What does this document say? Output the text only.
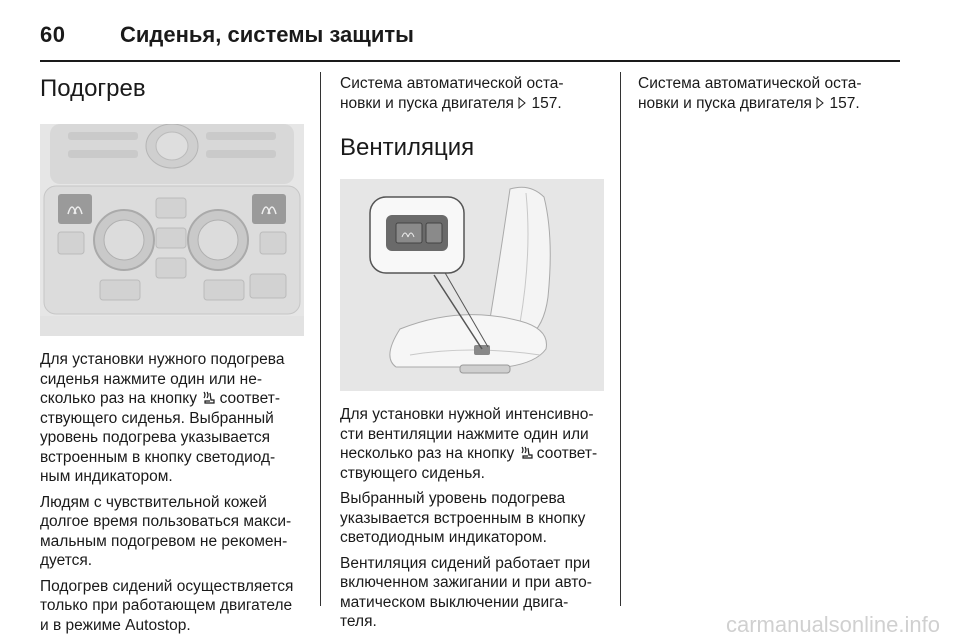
60 Сиденья, системы защиты
Подогрев

Для установки нужного подогрева

сиденья нажмите один или не-

сколько раз на кнопку  соответ-

ствующего сиденья. Выбранный

уровень подогрева указывается

встроенным в кнопку светодиод-

ным индикатором.

Людям с чувствительной кожей

долгое время пользоваться макси-

мальным подогревом не рекомен-

дуется.

Подогрев сидений осуществляется

только при работающем двигателе

и в режиме Autostop.

Система автоматической оста-

новки и пуска двигателя  157.

Вентиляция

Для установки нужной интенсивно-

сти вентиляции нажмите один или

несколько раз на кнопку  соответ-

ствующего сиденья.

Выбранный уровень подогрева

указывается встроенным в кнопку

светодиодным индикатором.

Вентиляция сидений работает при

включенном зажигании и при авто-

матическом выключении двига-

теля.

Система автоматической оста-

новки и пуска двигателя  157.

carmanualsonline.info
